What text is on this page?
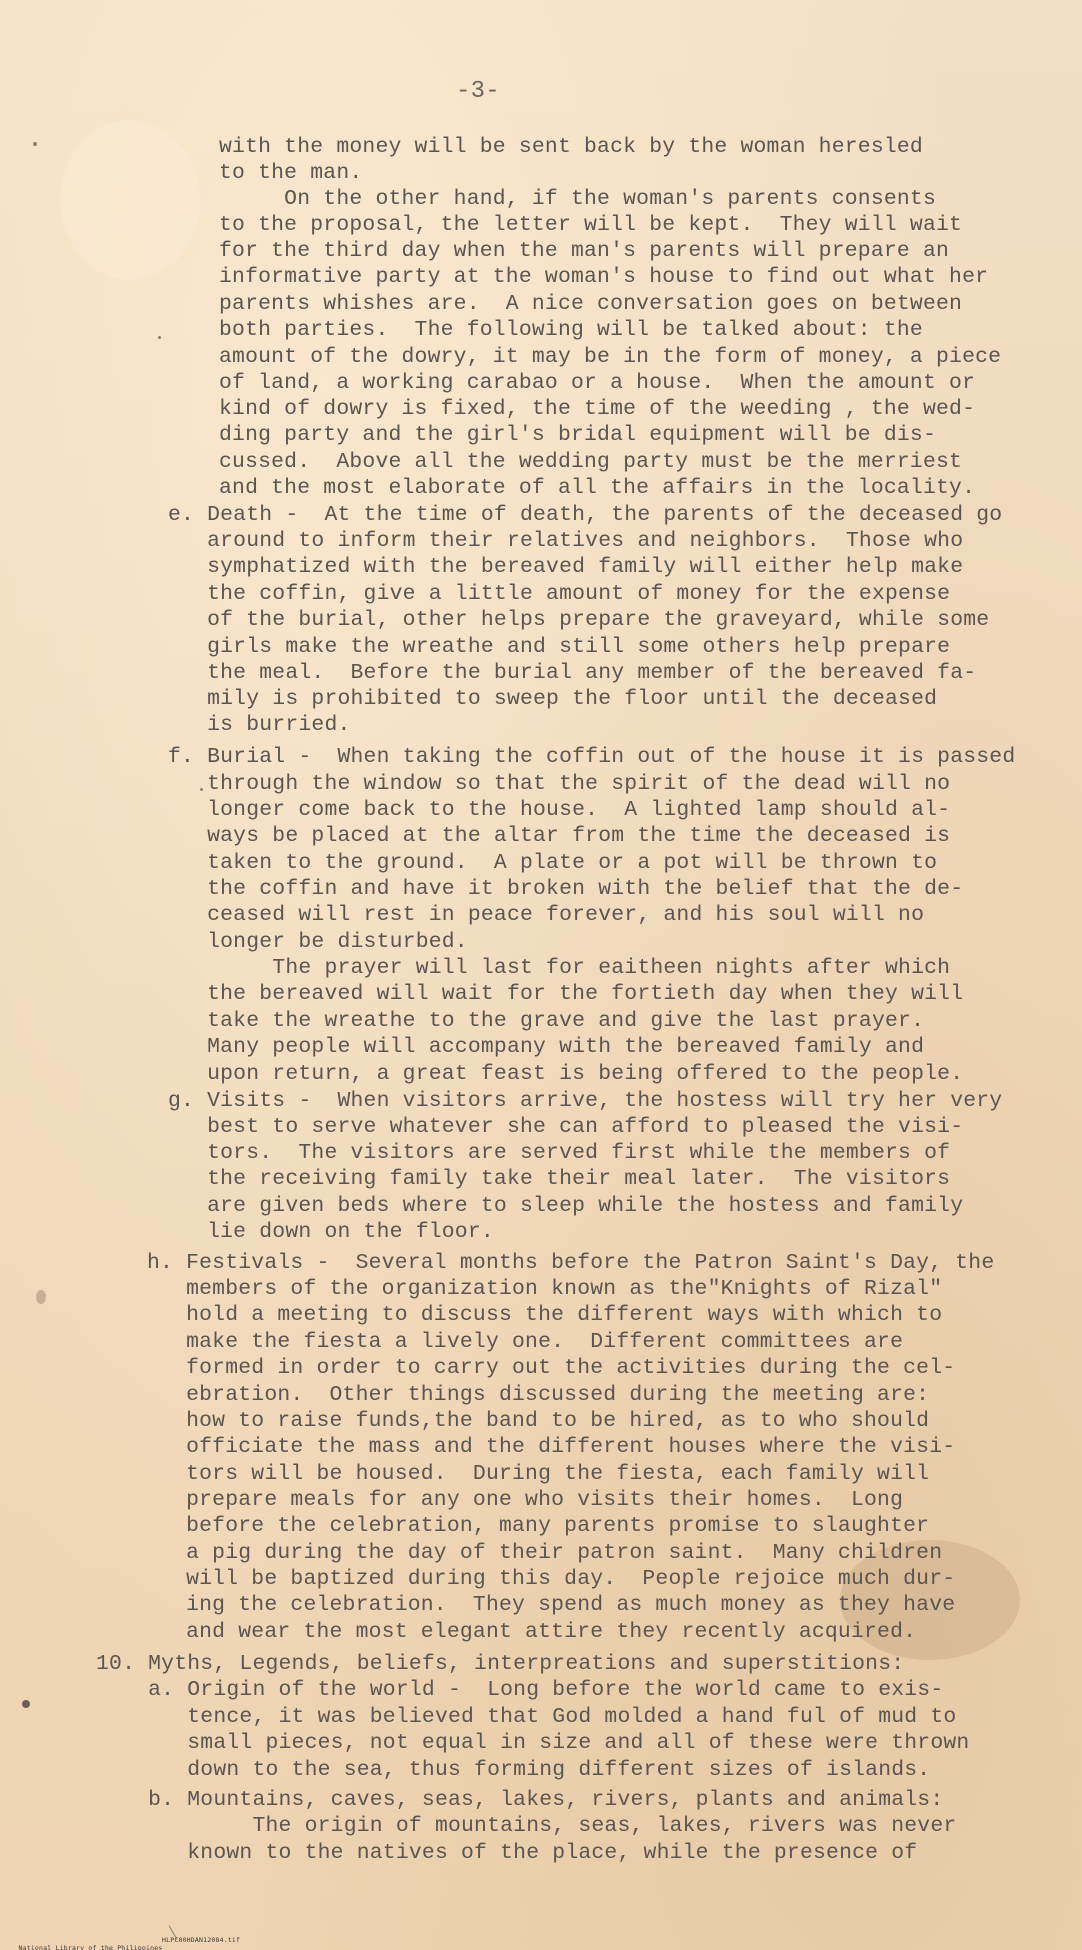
-3-
with the money will be sent back by the woman heresled
to the man.
On the other hand, if the woman's parents consents
to the proposal, the letter will be kept.  They will wait
for the third day when the man's parents will prepare an
informative party at the woman's house to find out what her
parents whishes are.  A nice conversation goes on between
both parties.  The following will be talked about: the
amount of the dowry, it may be in the form of money, a piece
of land, a working carabao or a house.  When the amount or
kind of dowry is fixed, the time of the weeding , the wed-
ding party and the girl's bridal equipment will be dis-
cussed.  Above all the wedding party must be the merriest
and the most elaborate of all the affairs in the locality.
e. Death -  At the time of death, the parents of the deceased go
around to inform their relatives and neighbors.  Those who
symphatized with the bereaved family will either help make
the coffin, give a little amount of money for the expense
of the burial, other helps prepare the graveyard, while some
girls make the wreathe and still some others help prepare
the meal.  Before the burial any member of the bereaved fa-
mily is prohibited to sweep the floor until the deceased
is burried.
f. Burial -  When taking the coffin out of the house it is passed
through the window so that the spirit of the dead will no
longer come back to the house.  A lighted lamp should al-
ways be placed at the altar from the time the deceased is
taken to the ground.  A plate or a pot will be thrown to
the coffin and have it broken with the belief that the de-
ceased will rest in peace forever, and his soul will no
longer be disturbed.
The prayer will last for eaitheen nights after which
the bereaved will wait for the fortieth day when they will
take the wreathe to the grave and give the last prayer.
Many people will accompany with the bereaved family and
upon return, a great feast is being offered to the people.
g. Visits -  When visitors arrive, the hostess will try her very
best to serve whatever she can afford to pleased the visi-
tors.  The visitors are served first while the members of
the receiving family take their meal later.  The visitors
are given beds where to sleep while the hostess and family
lie down on the floor.
h. Festivals -  Several months before the Patron Saint's Day, the
members of the organization known as the"Knights of Rizal"
hold a meeting to discuss the different ways with which to
make the fiesta a lively one.  Different committees are
formed in order to carry out the activities during the cel-
ebration.  Other things discussed during the meeting are:
how to raise funds,the band to be hired, as to who should
officiate the mass and the different houses where the visi-
tors will be housed.  During the fiesta, each family will
prepare meals for any one who visits their homes.  Long
before the celebration, many parents promise to slaughter
a pig during the day of their patron saint.  Many children
will be baptized during this day.  People rejoice much dur-
ing the celebration.  They spend as much money as they have
and wear the most elegant attire they recently acquired.
10. Myths, Legends, beliefs, interpreations and superstitions:
a. Origin of the world -  Long before the world came to exis-
tence, it was believed that God molded a hand ful of mud to
small pieces, not equal in size and all of these were thrown
down to the sea, thus forming different sizes of islands.
b. Mountains, caves, seas, lakes, rivers, plants and animals:
The origin of mountains, seas, lakes, rivers was never
known to the natives of the place, while the presence of

National Library of the Philippines

HLPC00HDAN12084.tif
